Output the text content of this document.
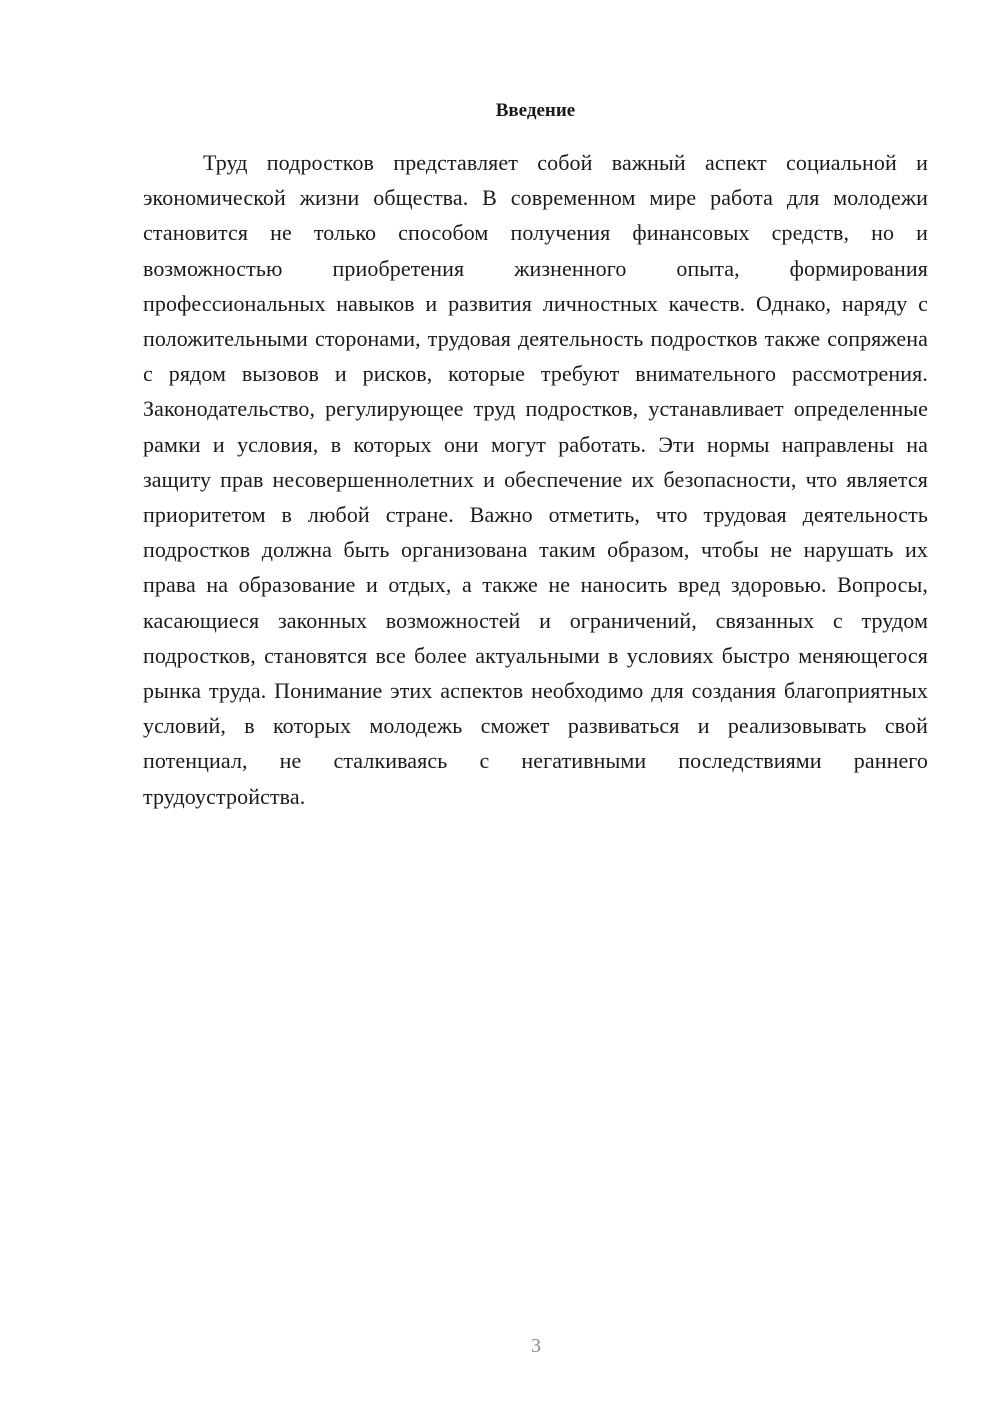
Введение

Труд подростков представляет собой важный аспект социальной и экономической жизни общества. В современном мире работа для молодежи становится не только способом получения финансовых средств, но и возможностью приобретения жизненного опыта, формирования профессиональных навыков и развития личностных качеств. Однако, наряду с положительными сторонами, трудовая деятельность подростков также сопряжена с рядом вызовов и рисков, которые требуют внимательного рассмотрения. Законодательство, регулирующее труд подростков, устанавливает определенные рамки и условия, в которых они могут работать. Эти нормы направлены на защиту прав несовершеннолетних и обеспечение их безопасности, что является приоритетом в любой стране. Важно отметить, что трудовая деятельность подростков должна быть организована таким образом, чтобы не нарушать их права на образование и отдых, а также не наносить вред здоровью. Вопросы, касающиеся законных возможностей и ограничений, связанных с трудом подростков, становятся все более актуальными в условиях быстро меняющегося рынка труда. Понимание этих аспектов необходимо для создания благоприятных условий, в которых молодежь сможет развиваться и реализовывать свой потенциал, не сталкиваясь с негативными последствиями раннего трудоустройства.

3
